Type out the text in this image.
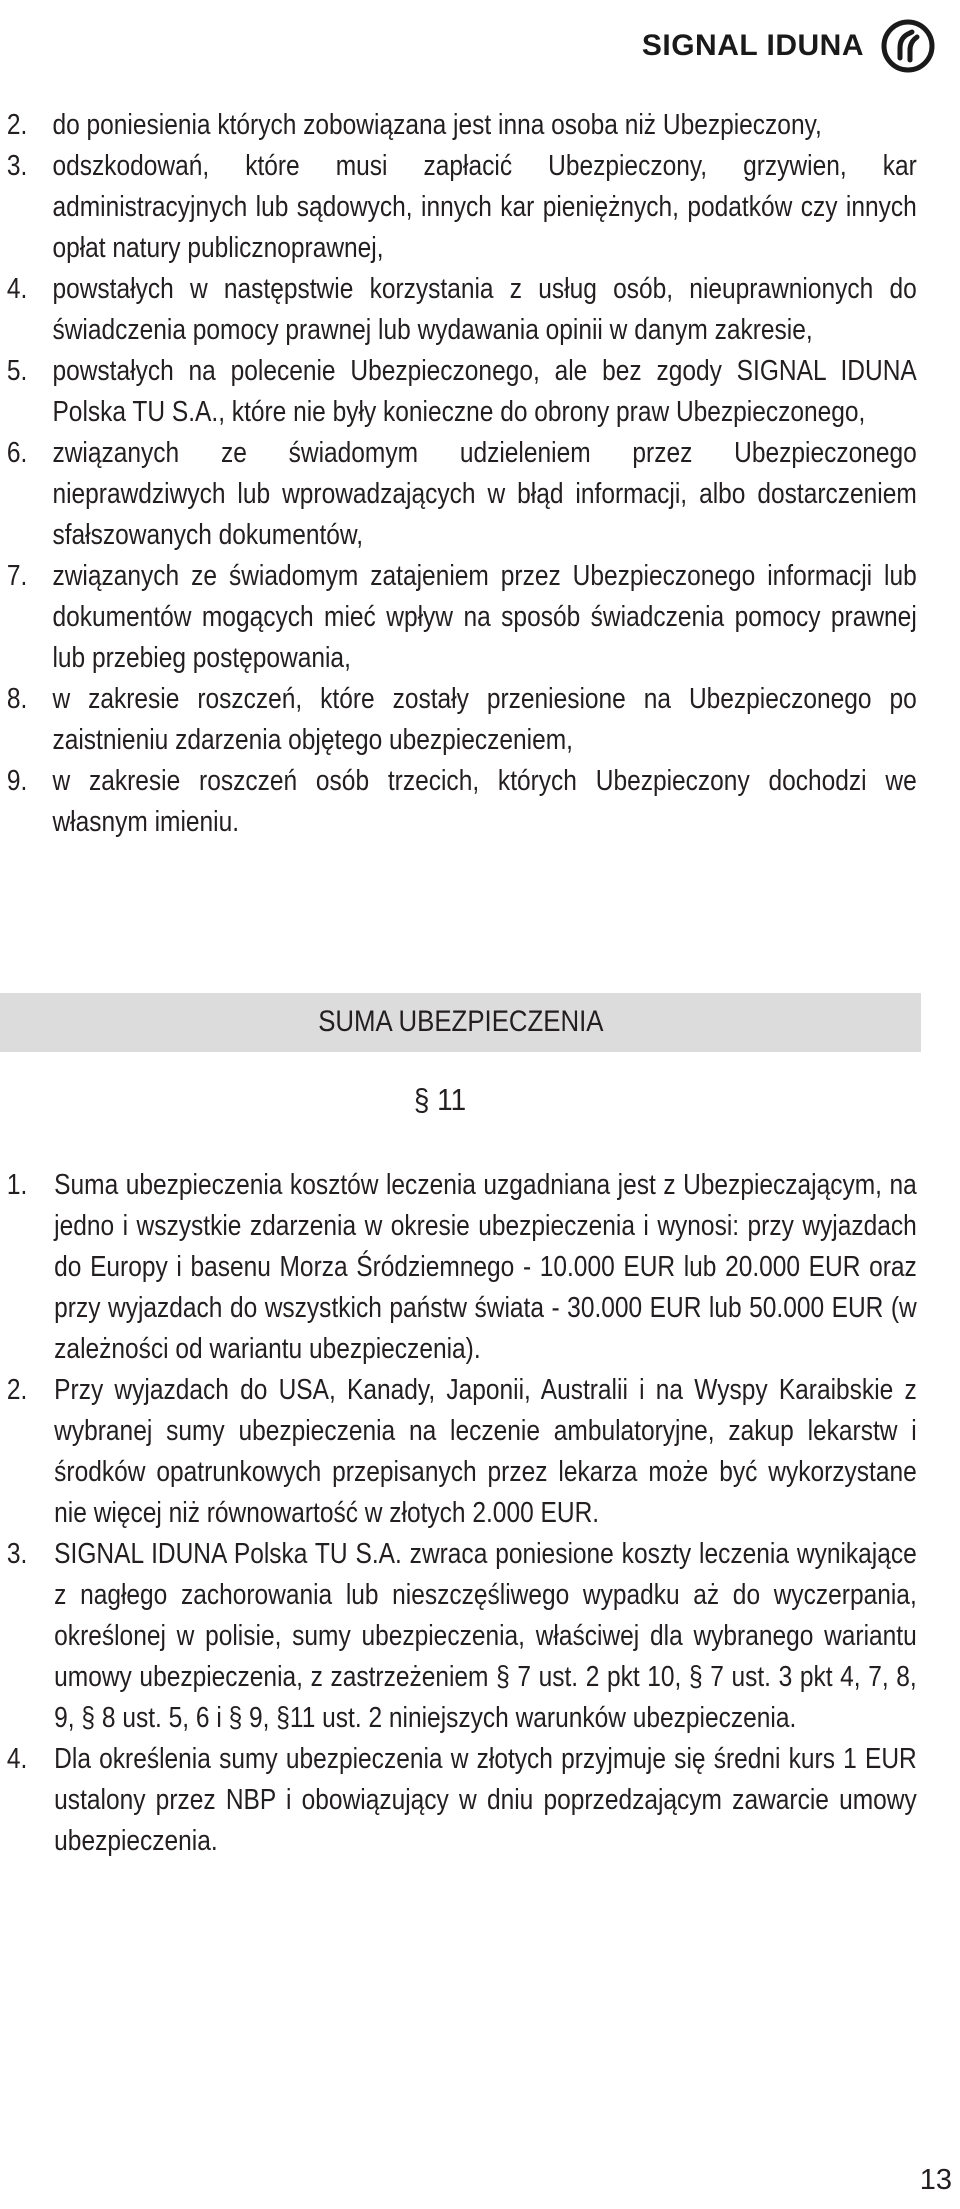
SIGNAL IDUNA
2. do poniesienia których zobowiązana jest inna osoba niż Ubezpieczony,
3. odszkodowań, które musi zapłacić Ubezpieczony, grzywien, kar administracyjnych lub sądowych, innych kar pieniężnych, podatków czy innych opłat natury publicznoprawnej,
4. powstałych w następstwie korzystania z usług osób, nieuprawnionych do świadczenia pomocy prawnej lub wydawania opinii w danym zakresie,
5. powstałych na polecenie Ubezpieczonego, ale bez zgody SIGNAL IDUNA Polska TU S.A., które nie były konieczne do obrony praw Ubezpieczonego,
6. związanych ze świadomym udzieleniem przez Ubezpieczonego nieprawdziwych lub wprowadzających w błąd informacji, albo dostarczeniem sfałszowanych dokumentów,
7. związanych ze świadomym zatajeniem przez Ubezpieczonego informacji lub dokumentów mogących mieć wpływ na sposób świadczenia pomocy prawnej lub przebieg postępowania,
8. w zakresie roszczeń, które zostały przeniesione na Ubezpieczonego po zaistnieniu zdarzenia objętego ubezpieczeniem,
9. w zakresie roszczeń osób trzecich, których Ubezpieczony dochodzi we własnym imieniu.
SUMA UBEZPIECZENIA
§ 11
1. Suma ubezpieczenia kosztów leczenia uzgadniana jest z Ubezpieczającym, na jedno i wszystkie zdarzenia w okresie ubezpieczenia i wynosi: przy wyjazdach do Europy i basenu Morza Śródziemnego - 10.000 EUR lub 20.000 EUR oraz przy wyjazdach do wszystkich państw świata - 30.000 EUR lub 50.000 EUR (w zależności od wariantu ubezpieczenia).
2. Przy wyjazdach do USA, Kanady, Japonii, Australii i na Wyspy Karaibskie z wybranej sumy ubezpieczenia na leczenie ambulatoryjne, zakup lekarstw i środków opatrunkowych przepisanych przez lekarza może być wykorzystane nie więcej niż równowartość w złotych 2.000 EUR.
3. SIGNAL IDUNA Polska TU S.A. zwraca poniesione koszty leczenia wynikające z nagłego zachorowania lub nieszczęśliwego wypadku aż do wyczerpania, określonej w polisie, sumy ubezpieczenia, właściwej dla wybranego wariantu umowy ubezpieczenia, z zastrzeżeniem § 7 ust. 2 pkt 10, § 7 ust. 3 pkt 4, 7, 8, 9, § 8 ust. 5, 6 i § 9, §11 ust. 2 niniejszych warunków ubezpieczenia.
4. Dla określenia sumy ubezpieczenia w złotych przyjmuje się średni kurs 1 EUR ustalony przez NBP i obowiązujący w dniu poprzedzającym zawarcie umowy ubezpieczenia.
13
